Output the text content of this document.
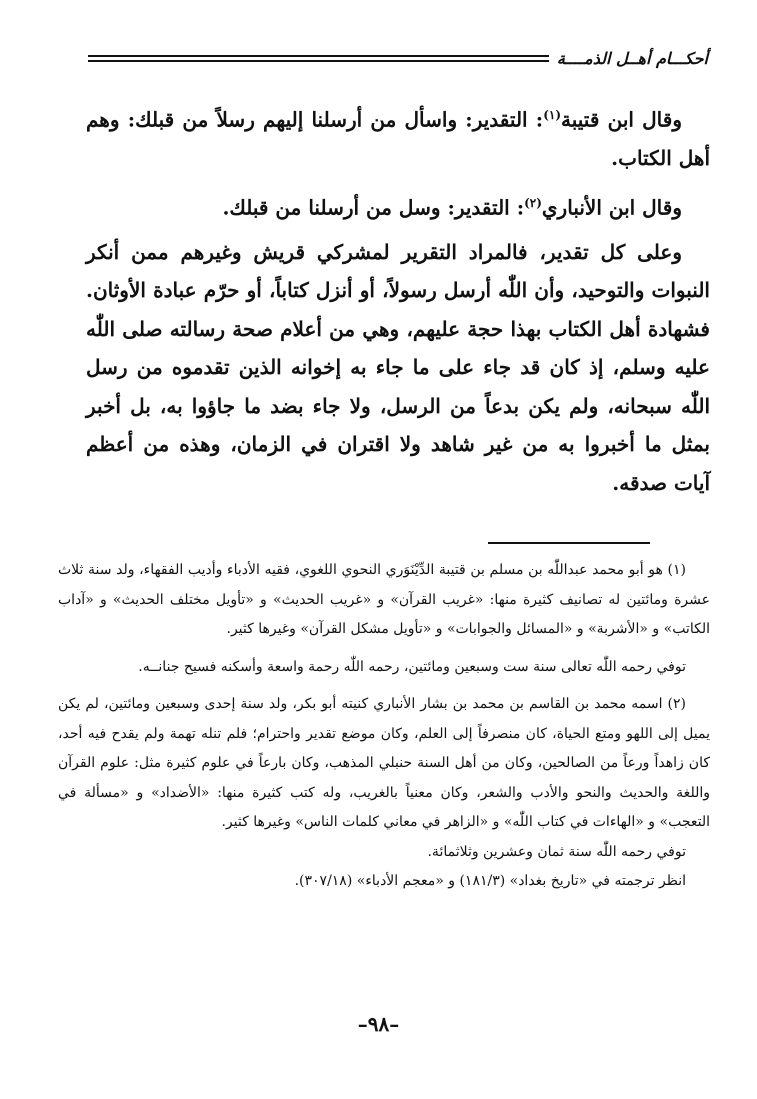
أحكـــام أهــل الذمــــة

وقال ابن قتيبة$^{(١)}$: التقدير: واسأل من أرسلنا إليهم رسلاً من قبلك: وهم أهل الكتاب.

وقال ابن الأنباري$^{(٢)}$: التقدير: وسل من أرسلنا من قبلك.

وعلى كل تقدير، فالمراد التقرير لمشركي قريش وغيرهم ممن أنكر النبوات والتوحيد، وأن اللّٰه أرسل رسولاً، أو أنزل كتاباً، أو حرّم عبادة الأوثان. فشهادة أهل الكتاب بهذا حجة عليهم، وهي من أعلام صحة رسالته صلى اللّٰه عليه وسلم، إذ كان قد جاء على ما جاء به إخوانه الذين تقدموه من رسل اللّٰه سبحانه، ولم يكن بدعاً من الرسل، ولا جاء بضد ما جاؤوا به، بل أخبر بمثل ما أخبروا به من غير شاهد ولا اقتران في الزمان، وهذه من أعظم آيات صدقه.

(١) هو أبو محمد عبداللّٰه بن مسلم بن قتيبة الدِّيْنَوَري النحوي اللغوي، فقيه الأدباء وأديب الفقهاء، ولد سنة ثلاث عشرة ومائتين له تصانيف كثيرة منها: «غريب القرآن» و «غريب الحديث» و «تأويل مختلف الحديث» و «آداب الكاتب» و «الأشربة» و «المسائل والجوابات» و «تأويل مشكل القرآن» وغيرها كثير.

توفي رحمه اللّٰه تعالى سنة ست وسبعين ومائتين، رحمه اللّٰه رحمة واسعة وأسكنه فسيح جنانــه.

(٢) اسمه محمد بن القاسم بن محمد بن بشار الأنباري كنيته أبو بكر، ولد سنة إحدى وسبعين ومائتين، لم يكن يميل إلى اللهو ومتع الحياة، كان منصرفاً إلى العلم، وكان موضع تقدير واحترام؛ فلم تنله تهمة ولم يقدح فيه أحد، كان زاهداً ورعاً من الصالحين، وكان من أهل السنة حنبلي المذهب، وكان بارعاً في علوم كثيرة مثل: علوم القرآن واللغة والحديث والنحو والأدب والشعر، وكان معنياً بالغريب، وله كتب كثيرة منها: «الأضداد» و «مسألة في التعجب» و «الهاءات في كتاب اللّٰه» و «الزاهر في معاني كلمات الناس» وغيرها كثير.

توفي رحمه اللّٰه سنة ثمان وعشرين وثلاثمائة.

انظر ترجمته في «تاريخ بغداد» (١٨١/٣) و «معجم الأدباء» (٣٠٧/١٨).

–٩٨–
